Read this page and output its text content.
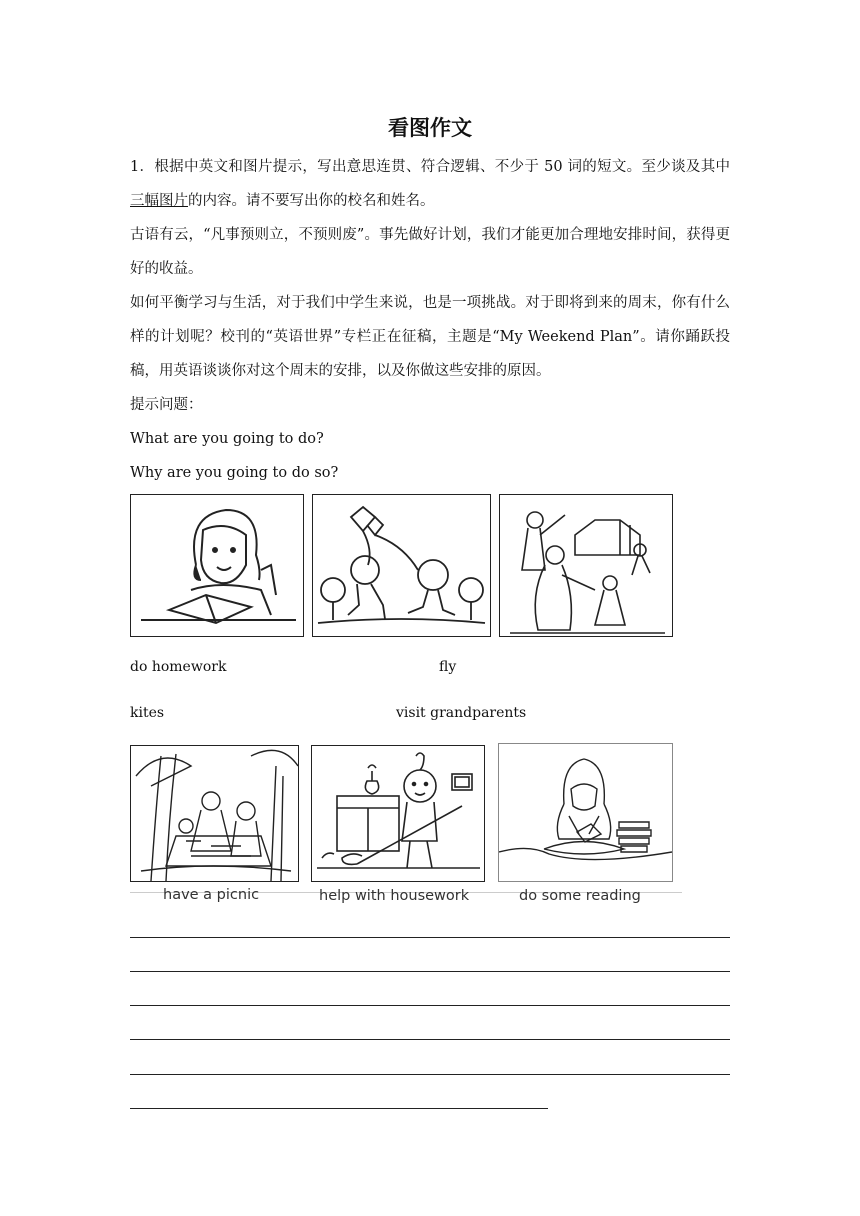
看图作文
1．根据中英文和图片提示，写出意思连贯、符合逻辑、不少于 50 词的短文。至少谈及其中三幅图片的内容。请不要写出你的校名和姓名。
古语有云，“凡事预则立，不预则废”。事先做好计划，我们才能更加合理地安排时间，获得更好的收益。
如何平衡学习与生活，对于我们中学生来说，也是一项挑战。对于即将到来的周末，你有什么样的计划呢？校刊的“英语世界”专栏正在征稿，主题是“My Weekend Plan”。请你踊跃投稿，用英语谈谈你对这个周末的安排，以及你做这些安排的原因。
提示问题：
What are you going to do?
Why are you going to do so?
do homework	fly
kites	visit grandparents
have a picnic	help with housework	do some reading
